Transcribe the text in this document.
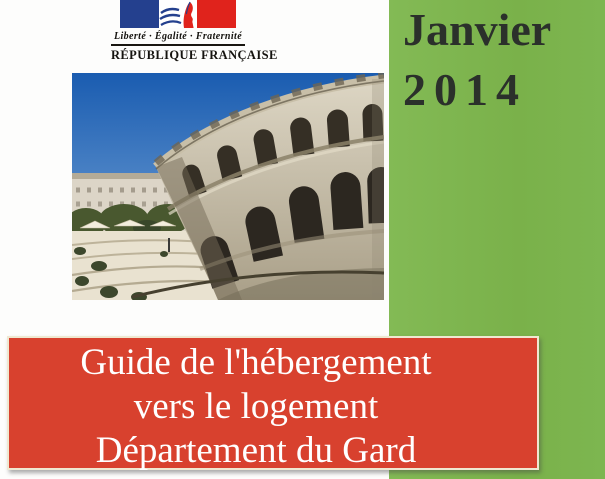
Janvier
2014
Liberté · Égalité · Fraternité
RÉPUBLIQUE FRANÇAISE
Guide de l'hébergement
vers le logement
Département du Gard
